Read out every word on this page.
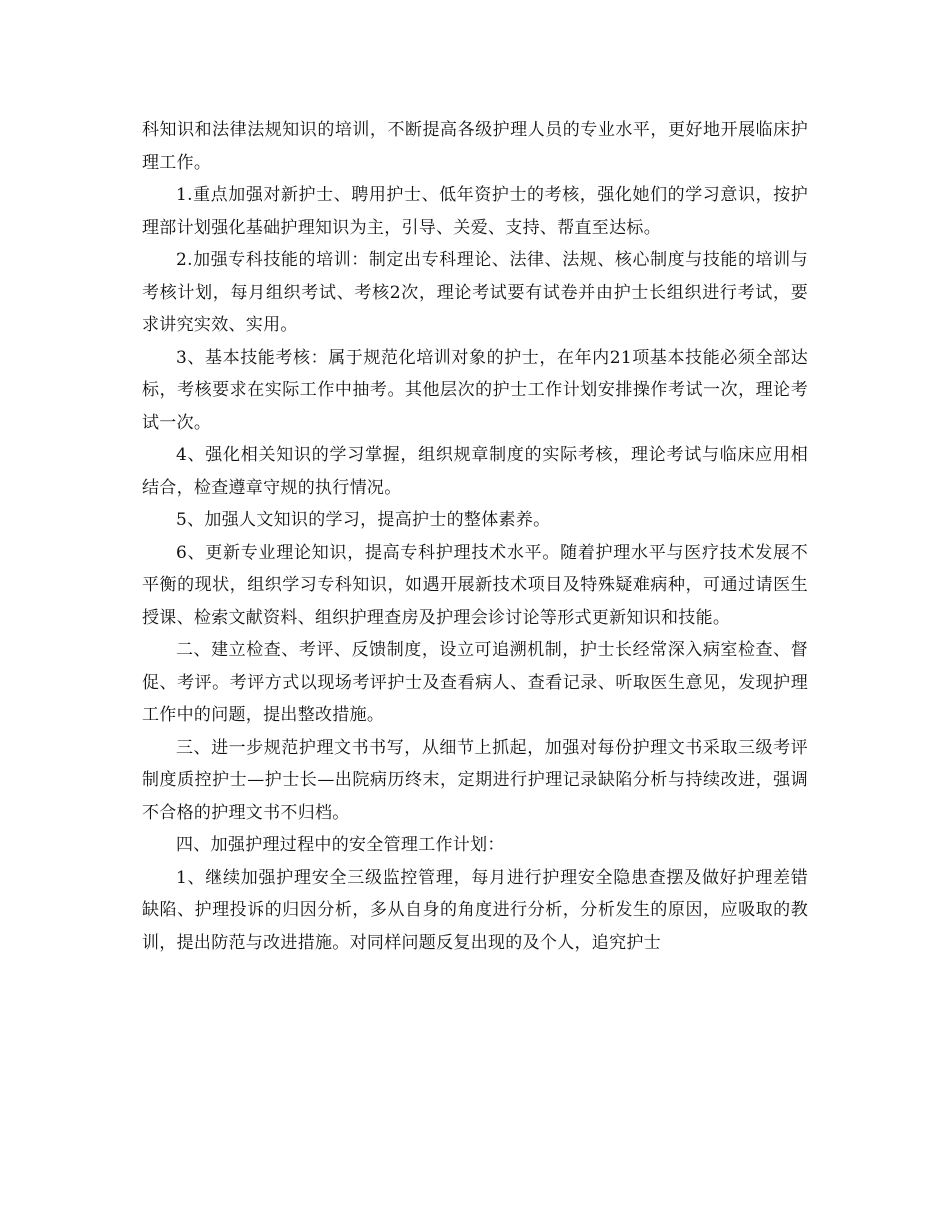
科知识和法律法规知识的培训，不断提高各级护理人员的专业水平，更好地开展临床护理工作。

1.重点加强对新护士、聘用护士、低年资护士的考核，强化她们的学习意识，按护理部计划强化基础护理知识为主，引导、关爱、支持、帮直至达标。

2.加强专科技能的培训：制定出专科理论、法律、法规、核心制度与技能的培训与考核计划，每月组织考试、考核2次，理论考试要有试卷并由护士长组织进行考试，要求讲究实效、实用。

3、基本技能考核：属于规范化培训对象的护士，在年内21项基本技能必须全部达标，考核要求在实际工作中抽考。其他层次的护士工作计划安排操作考试一次，理论考试一次。

4、强化相关知识的学习掌握，组织规章制度的实际考核，理论考试与临床应用相结合，检查遵章守规的执行情况。

5、加强人文知识的学习，提高护士的整体素养。

6、更新专业理论知识，提高专科护理技术水平。随着护理水平与医疗技术发展不平衡的现状，组织学习专科知识，如遇开展新技术项目及特殊疑难病种，可通过请医生授课、检索文献资料、组织护理查房及护理会诊讨论等形式更新知识和技能。

二、建立检查、考评、反馈制度，设立可追溯机制，护士长经常深入病室检查、督促、考评。考评方式以现场考评护士及查看病人、查看记录、听取医生意见，发现护理工作中的问题，提出整改措施。

三、进一步规范护理文书书写，从细节上抓起，加强对每份护理文书采取三级考评制度质控护士—护士长—出院病历终末，定期进行护理记录缺陷分析与持续改进，强调不合格的护理文书不归档。

四、加强护理过程中的安全管理工作计划：

1、继续加强护理安全三级监控管理，每月进行护理安全隐患查摆及做好护理差错缺陷、护理投诉的归因分析，多从自身的角度进行分析，分析发生的原因，应吸取的教训，提出防范与改进措施。对同样问题反复出现的及个人，追究护士
